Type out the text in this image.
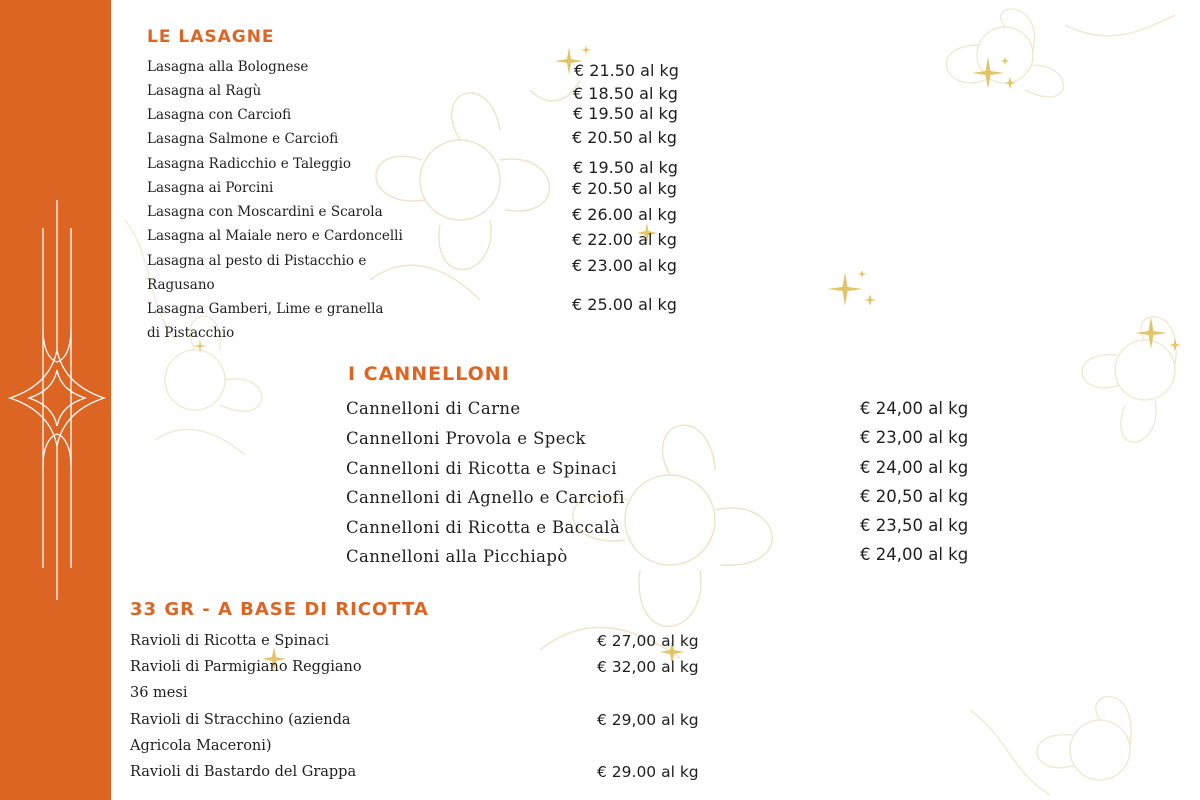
LE LASAGNE
Lasagna alla Bolognese	€ 21.50 al kg
Lasagna al Ragù	€ 18.50 al kg
Lasagna con Carciofi	€ 19.50 al kg
Lasagna Salmone e Carciofi	€ 20.50 al kg
Lasagna Radicchio e Taleggio	€ 19.50 al kg
Lasagna ai Porcini	€ 20.50 al kg
Lasagna con Moscardini e Scarola	€ 26.00 al kg
Lasagna al Maiale nero e Cardoncelli	€ 22.00 al kg
Lasagna al pesto di Pistacchio e
Ragusano
€ 23.00 al kg
Lasagna Gamberi, Lime e granella
di Pistacchio
€ 25.00 al kg
I CANNELLONI
Cannelloni di Carne	€ 24,00 al kg
Cannelloni Provola e Speck	€ 23,00 al kg
Cannelloni di Ricotta e Spinaci	€ 24,00 al kg
Cannelloni di Agnello e Carciofi	€ 20,50 al kg
Cannelloni di Ricotta e Baccalà	€ 23,50 al kg
Cannelloni alla Picchiapò	€ 24,00 al kg
33 GR - A BASE DI RICOTTA
Ravioli di Ricotta e Spinaci	€ 27,00 al kg
Ravioli di Parmigiano Reggiano
36 mesi
€ 32,00 al kg
Ravioli di Stracchino (azienda
Agricola Maceroni)
€ 29,00 al kg
Ravioli di Bastardo del Grappa	€ 29.00 al kg
